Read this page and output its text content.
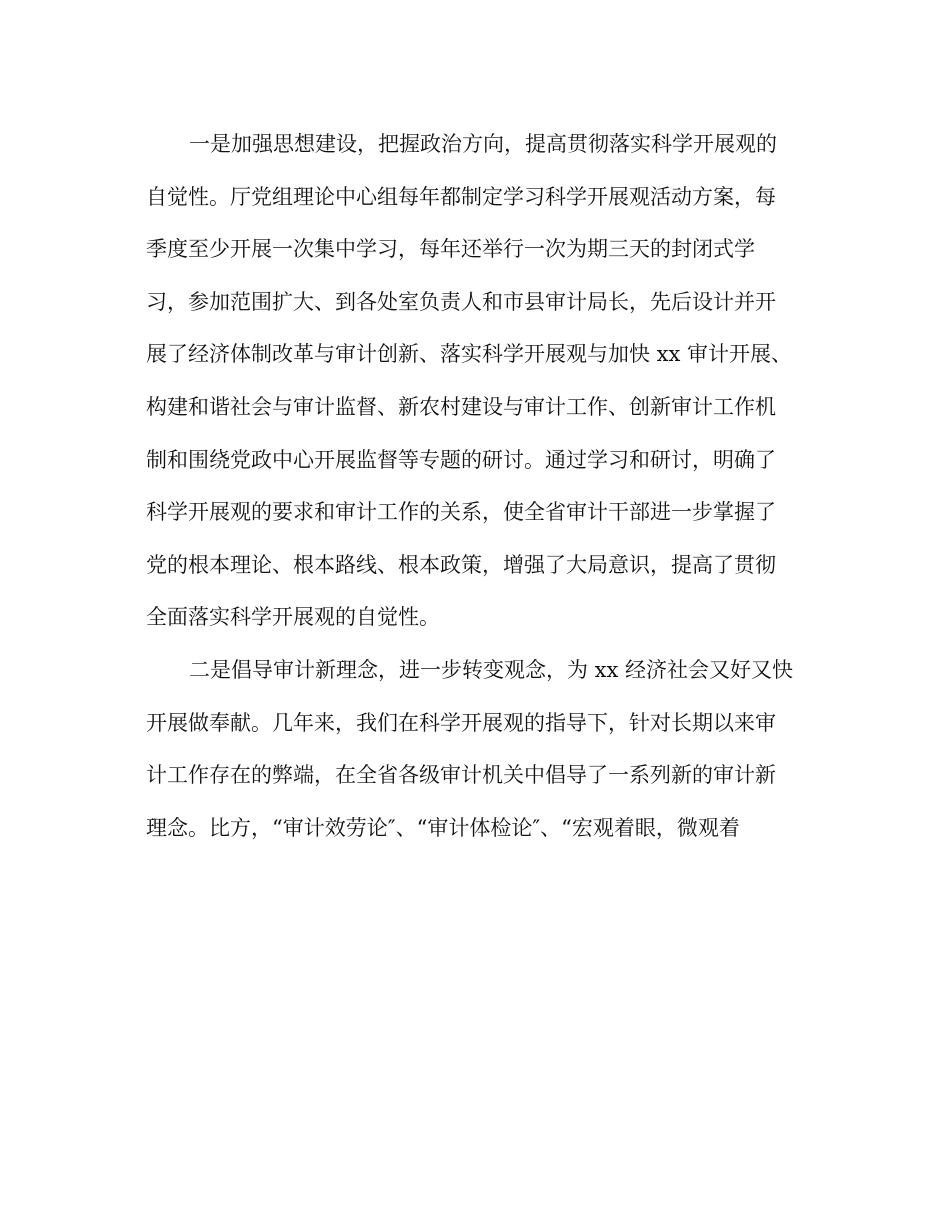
一是加强思想建设，把握政治方向，提高贯彻落实科学开展观的
自觉性。厅党组理论中心组每年都制定学习科学开展观活动方案，每
季度至少开展一次集中学习，每年还举行一次为期三天的封闭式学
习，参加范围扩大、到各处室负责人和市县审计局长，先后设计并开
展了经济体制改革与审计创新、落实科学开展观与加快 xx 审计开展、
构建和谐社会与审计监督、新农村建设与审计工作、创新审计工作机
制和围绕党政中心开展监督等专题的研讨。通过学习和研讨，明确了
科学开展观的要求和审计工作的关系，使全省审计干部进一步掌握了
党的根本理论、根本路线、根本政策，增强了大局意识，提高了贯彻
全面落实科学开展观的自觉性。
二是倡导审计新理念，进一步转变观念，为 xx 经济社会又好又快
开展做奉献。几年来，我们在科学开展观的指导下，针对长期以来审
计工作存在的弊端，在全省各级审计机关中倡导了一系列新的审计新
理念。比方，“审计效劳论″、“审计体检论″、“宏观着眼，微观着
